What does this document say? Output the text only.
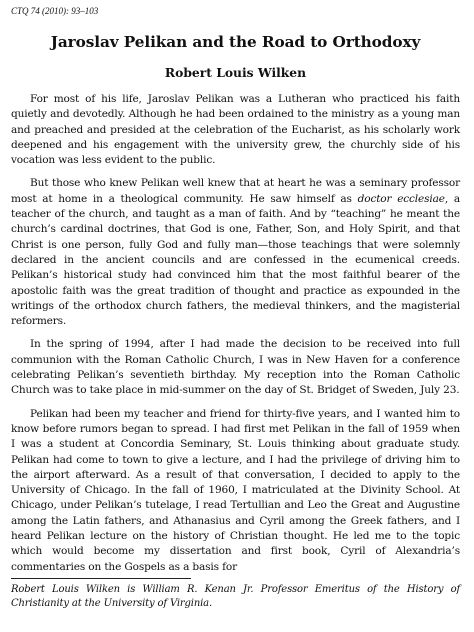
CTQ 74 (2010): 93–103
Jaroslav Pelikan and the Road to Orthodoxy
Robert Louis Wilken

For most of his life, Jaroslav Pelikan was a Lutheran who practiced his faith quietly and devotedly. Although he had been ordained to the ministry as a young man and preached and presided at the celebration of the Eucharist, as his scholarly work deepened and his engagement with the university grew, the churchly side of his vocation was less evident to the public.

But those who knew Pelikan well knew that at heart he was a seminary professor most at home in a theological community. He saw himself as doctor ecclesiae, a teacher of the church, and taught as a man of faith. And by “teaching” he meant the church’s cardinal doctrines, that God is one, Father, Son, and Holy Spirit, and that Christ is one person, fully God and fully man—those teachings that were solemnly declared in the ancient councils and are confessed in the ecumenical creeds. Pelikan’s historical study had convinced him that the most faithful bearer of the apostolic faith was the great tradition of thought and practice as expounded in the writings of the orthodox church fathers, the medieval thinkers, and the magisterial reformers.

In the spring of 1994, after I had made the decision to be received into full communion with the Roman Catholic Church, I was in New Haven for a conference celebrating Pelikan’s seventieth birthday. My reception into the Roman Catholic Church was to take place in mid-summer on the day of St. Bridget of Sweden, July 23.

Pelikan had been my teacher and friend for thirty-five years, and I wanted him to know before rumors began to spread. I had first met Pelikan in the fall of 1959 when I was a student at Concordia Seminary, St. Louis thinking about graduate study. Pelikan had come to town to give a lecture, and I had the privilege of driving him to the airport afterward. As a result of that conversation, I decided to apply to the University of Chicago. In the fall of 1960, I matriculated at the Divinity School. At Chicago, under Pelikan’s tutelage, I read Tertullian and Leo the Great and Augustine among the Latin fathers, and Athanasius and Cyril among the Greek fathers, and I heard Pelikan lecture on the history of Christian thought. He led me to the topic which would become my dissertation and first book, Cyril of Alexandria’s commentaries on the Gospels as a basis for

Robert Louis Wilken is William R. Kenan Jr. Professor Emeritus of the History of Christianity at the University of Virginia.
